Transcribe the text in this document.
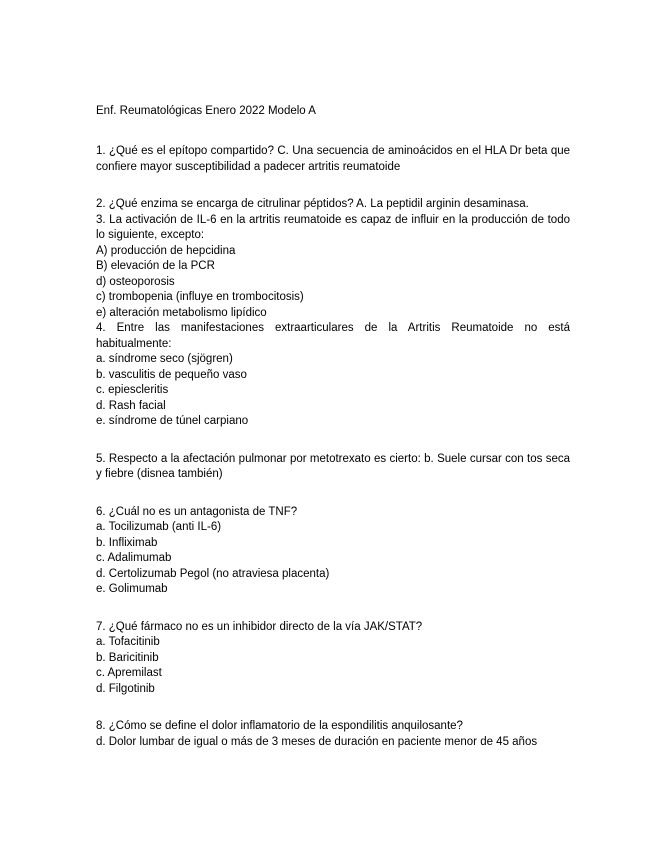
Enf. Reumatológicas Enero 2022 Modelo A
1. ¿Qué es el epítopo compartido? C. Una secuencia de aminoácidos en el HLA Dr beta que confiere mayor susceptibilidad a padecer artritis reumatoide
2. ¿Qué enzima se encarga de citrulinar péptidos? A. La peptidil arginin desaminasa.
3. La activación de IL-6 en la artritis reumatoide es capaz de influir en la producción de todo lo siguiente, excepto:
A) producción de hepcidina
B) elevación de la PCR
d) osteoporosis
c) trombopenia (influye en trombocitosis)
e) alteración metabolismo lipídico
4. Entre las manifestaciones extraarticulares de la Artritis Reumatoide no está habitualmente:
a. síndrome seco (sjögren)
b. vasculitis de pequeño vaso
c. epiescleritis
d. Rash facial
e. síndrome de túnel carpiano
5. Respecto a la afectación pulmonar por metotrexato es cierto: b. Suele cursar con tos seca y fiebre (disnea también)
6. ¿Cuál no es un antagonista de TNF?
a. Tocilizumab (anti IL-6)
b. Infliximab
c. Adalimumab
d. Certolizumab Pegol (no atraviesa placenta)
e. Golimumab
7. ¿Qué fármaco no es un inhibidor directo de la vía JAK/STAT?
a. Tofacitinib
b. Baricitinib
c. Apremilast
d. Filgotinib
8. ¿Cómo se define el dolor inflamatorio de la espondilitis anquilosante?
d. Dolor lumbar de igual o más de 3 meses de duración en paciente menor de 45 años
